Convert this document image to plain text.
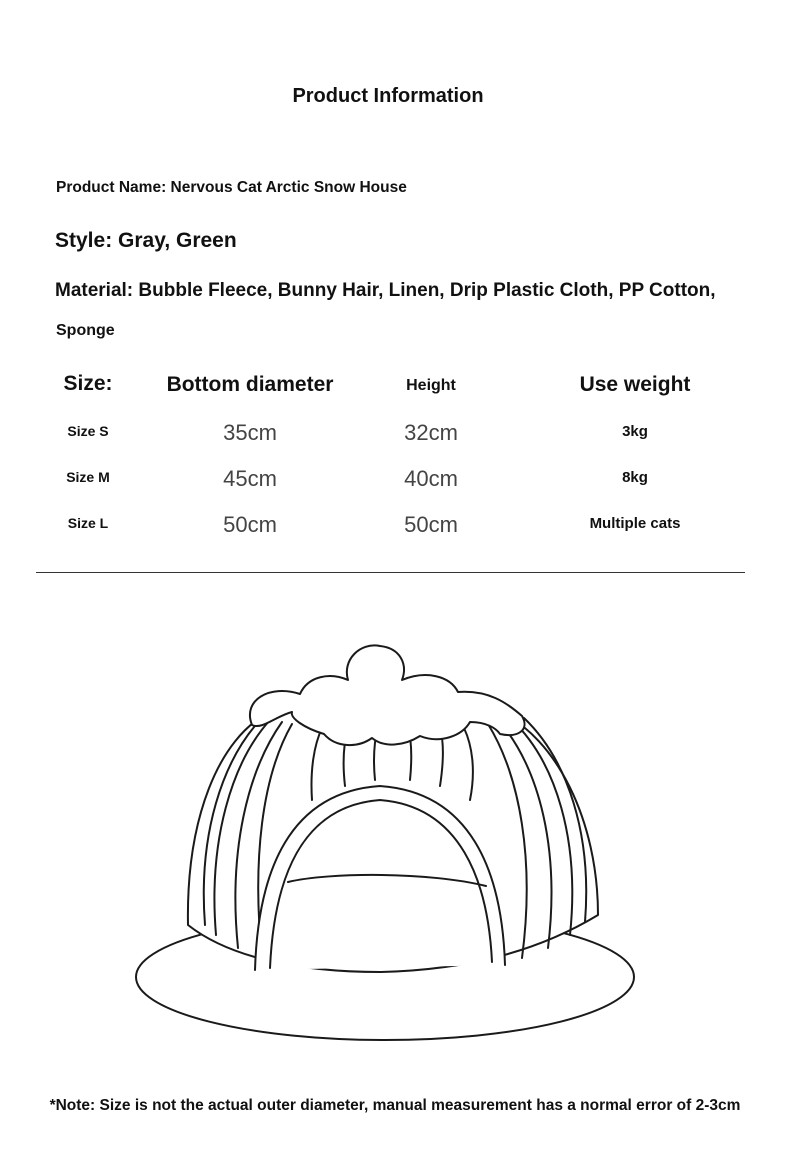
Product Information
Product Name: Nervous Cat Arctic Snow House
Style: Gray, Green
Material: Bubble Fleece, Bunny Hair, Linen, Drip Plastic Cloth, PP Cotton,
Sponge
Size:	Bottom diameter	Height	Use weight
Size S	35cm	32cm	3kg
Size M	45cm	40cm	8kg
Size L	50cm	50cm	Multiple cats
*Note: Size is not the actual outer diameter, manual measurement has a normal error of 2-3cm
